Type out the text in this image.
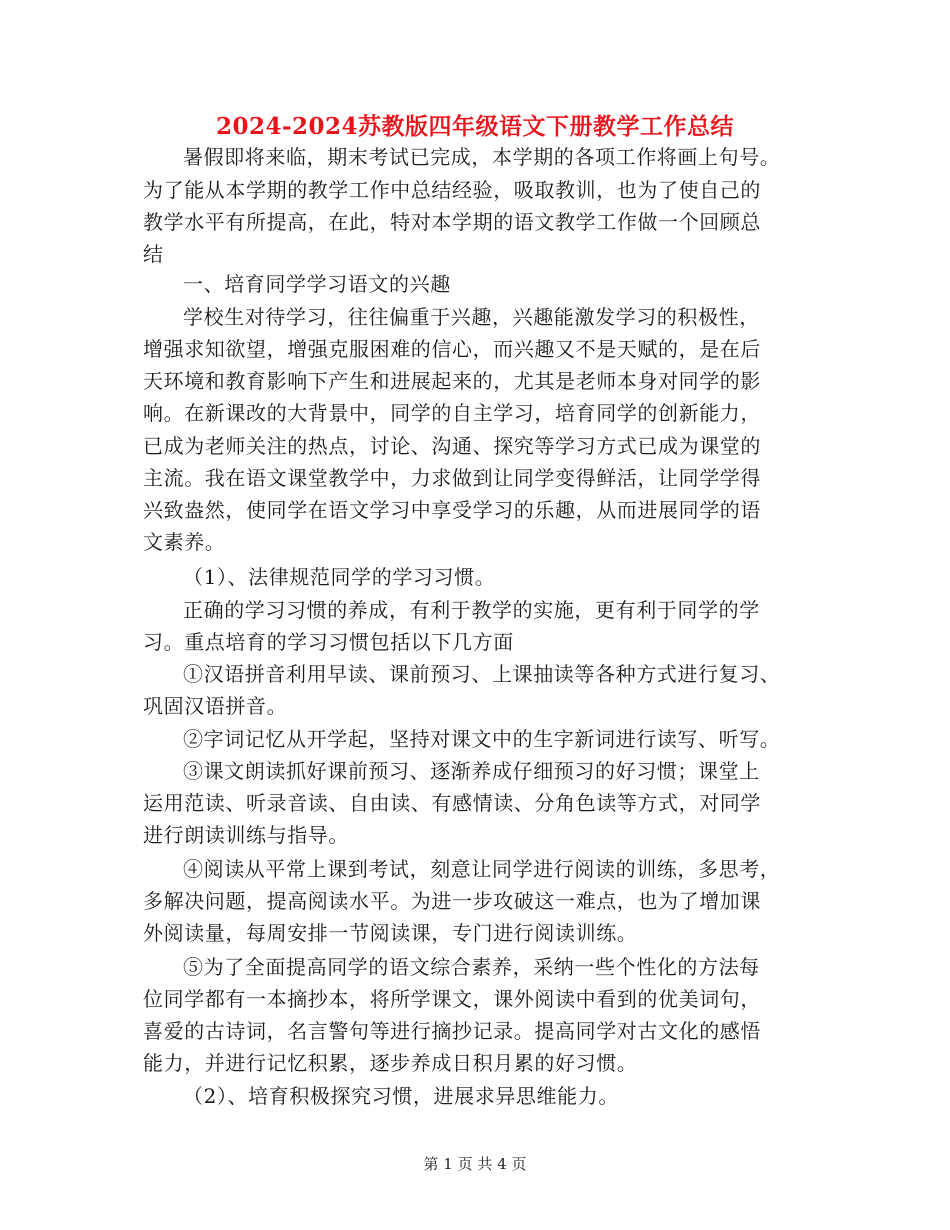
2024-2024苏教版四年级语文下册教学工作总结
暑假即将来临，期末考试已完成，本学期的各项工作将画上句号。
为了能从本学期的教学工作中总结经验，吸取教训，也为了使自己的
教学水平有所提高，在此，特对本学期的语文教学工作做一个回顾总
结
一、培育同学学习语文的兴趣
学校生对待学习，往往偏重于兴趣，兴趣能激发学习的积极性，
增强求知欲望，增强克服困难的信心，而兴趣又不是天赋的，是在后
天环境和教育影响下产生和进展起来的，尤其是老师本身对同学的影
响。在新课改的大背景中，同学的自主学习，培育同学的创新能力，
已成为老师关注的热点，讨论、沟通、探究等学习方式已成为课堂的
主流。我在语文课堂教学中，力求做到让同学变得鲜活，让同学学得
兴致盎然，使同学在语文学习中享受学习的乐趣，从而进展同学的语
文素养。
（1）、法律规范同学的学习习惯。
正确的学习习惯的养成，有利于教学的实施，更有利于同学的学
习。重点培育的学习习惯包括以下几方面
①汉语拼音利用早读、课前预习、上课抽读等各种方式进行复习、
巩固汉语拼音。
②字词记忆从开学起，坚持对课文中的生字新词进行读写、听写。
③课文朗读抓好课前预习、逐渐养成仔细预习的好习惯；课堂上
运用范读、听录音读、自由读、有感情读、分角色读等方式，对同学
进行朗读训练与指导。
④阅读从平常上课到考试，刻意让同学进行阅读的训练，多思考，
多解决问题，提高阅读水平。为进一步攻破这一难点，也为了增加课
外阅读量，每周安排一节阅读课，专门进行阅读训练。
⑤为了全面提高同学的语文综合素养，采纳一些个性化的方法每
位同学都有一本摘抄本，将所学课文，课外阅读中看到的优美词句，
喜爱的古诗词，名言警句等进行摘抄记录。提高同学对古文化的感悟
能力，并进行记忆积累，逐步养成日积月累的好习惯。
（2）、培育积极探究习惯，进展求异思维能力。
第 1 页 共 4 页
